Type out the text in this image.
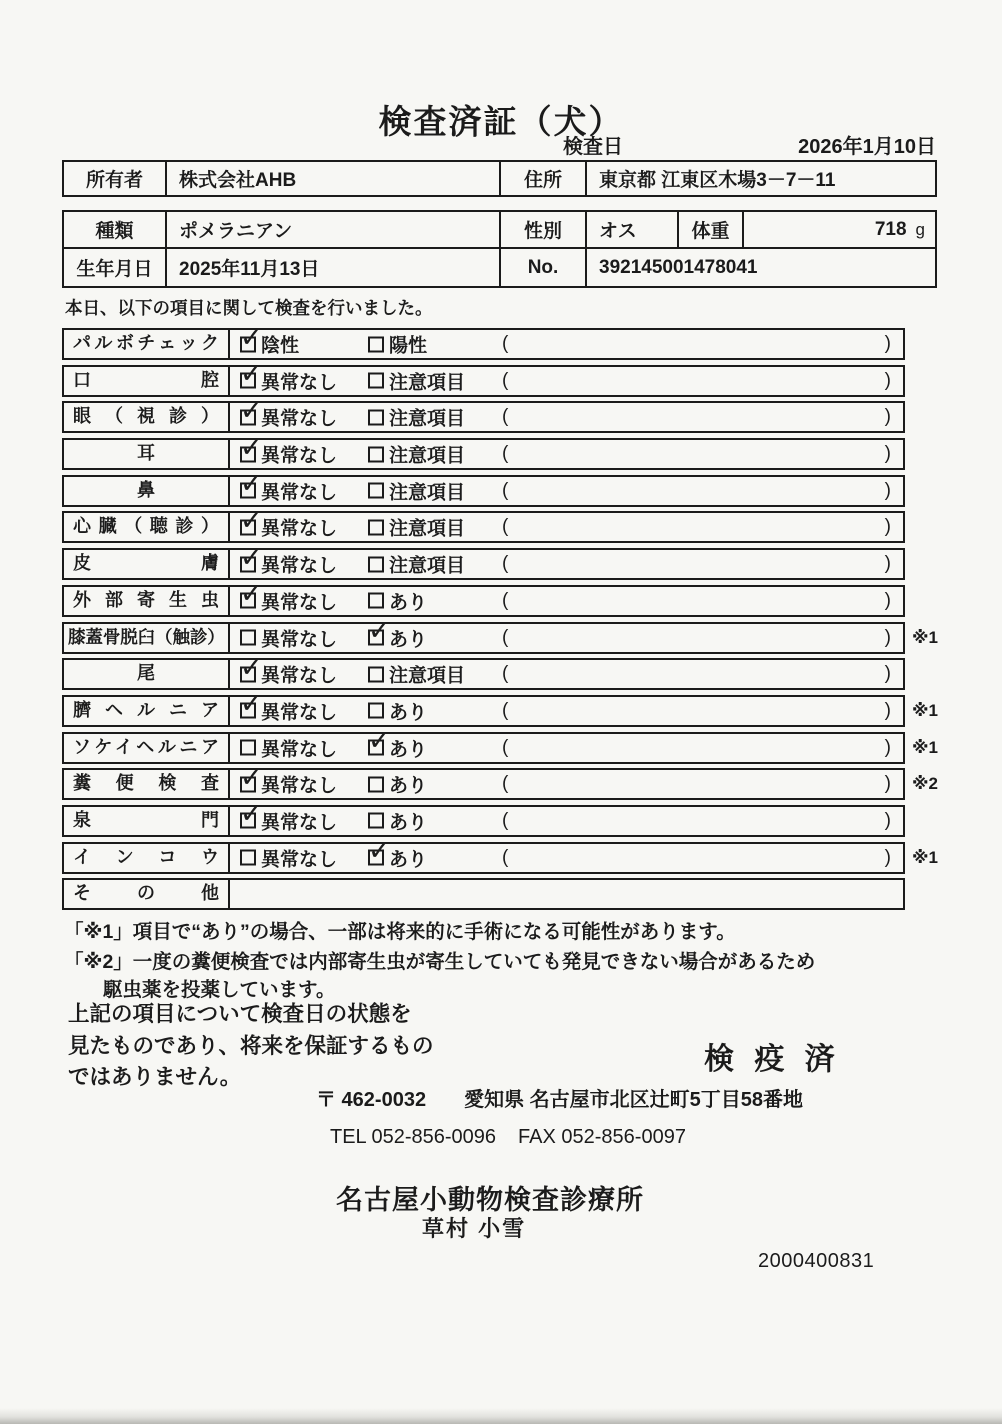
検査済証（犬）
検査日	2026年1月10日
所有者	株式会社AHB	住所	東京都 江東区木場3－7－11
種類	ポメラニアン	性別	オス	体重	718 g
生年月日	2025年11月13日	No.	392145001478041
本日、以下の項目に関して検査を行いました。
パルボチェック ✓	陰性	陽性	(	)
口腔 ✓	異常なし	注意項目 (	)
眼（視診） ✓	異常なし	注意項目 (	)
耳 ✓	異常なし	注意項目 (	)
鼻 ✓	異常なし	注意項目 (	)
心臓（聴診） ✓	異常なし	注意項目 (	)
皮膚 ✓	異常なし	注意項目 (	)
外部寄生虫 ✓	異常なし	あり	(	)
膝蓋骨脱臼（触診）	異常なし ✓	あり	(	) ※1
尾 ✓	異常なし	注意項目 (	)
臍ヘルニア ✓	異常なし	あり	(	) ※1
ソケイヘルニア	異常なし ✓	あり	(	) ※1
糞便検査 ✓	異常なし	あり	(	) ※2
泉門 ✓	異常なし	あり	(	)
インコウ	異常なし ✓	あり	(	) ※1
その他
「※1」項目で“あり”の場合、一部は将来的に手術になる可能性があります。
「※2」一度の糞便検査では内部寄生虫が寄生していても発見できない場合があるため
駆虫薬を投薬しています。
上記の項目について検査日の状態を
見たものであり、将来を保証するもの
ではありません。
検 疫 済
〒 462-0032 愛知県 名古屋市北区辻町5丁目58番地
TEL 052-856-0096 FAX 052-856-0097
名古屋小動物検査診療所
草村 小雪
2000400831
